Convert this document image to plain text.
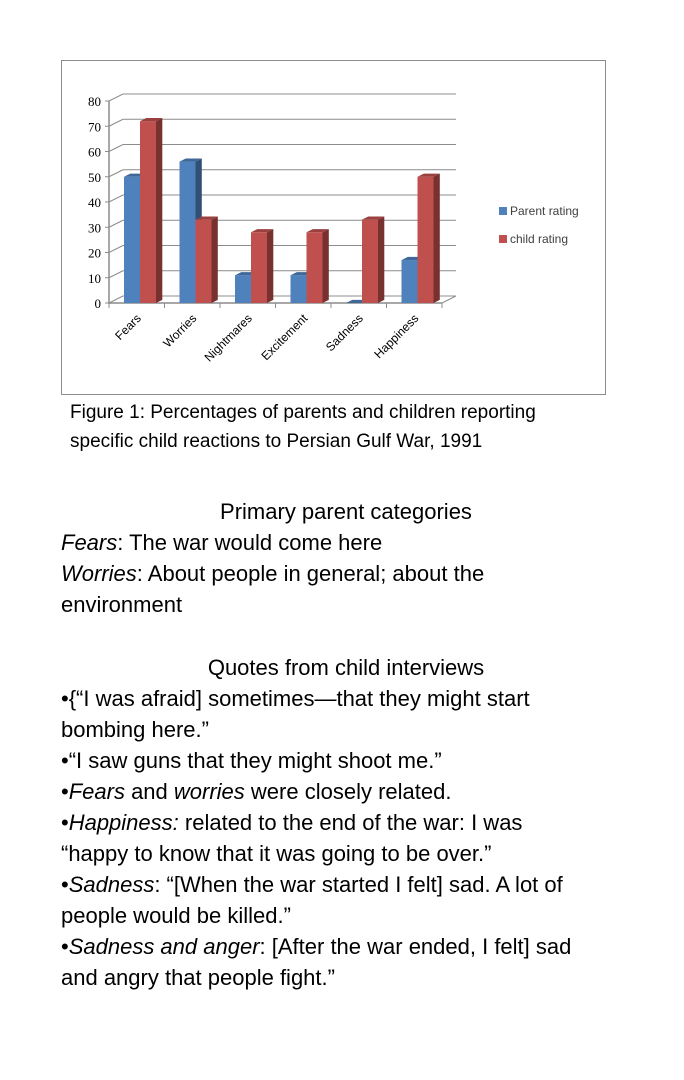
0
10
20
30
40
50
60
70
80
Fears Worries Nightmares Excitement Sadness Happiness
Parent rating
child rating
Figure 1: Percentages of parents and children reporting
specific child reactions to Persian Gulf War, 1991
Primary parent categories
Fears: The war would come here
Worries: About people in general; about the
environment
Quotes from child interviews
•{“I was afraid] sometimes—that they might start
bombing here.”
•“I saw guns that they might shoot me.”
•Fears and worries were closely related.
•Happiness: related to the end of the war: I was
“happy to know that it was going to be over.”
•Sadness: “[When the war started I felt] sad. A lot of
people would be killed.”
•Sadness and anger: [After the war ended, I felt] sad
and angry that people fight.”
